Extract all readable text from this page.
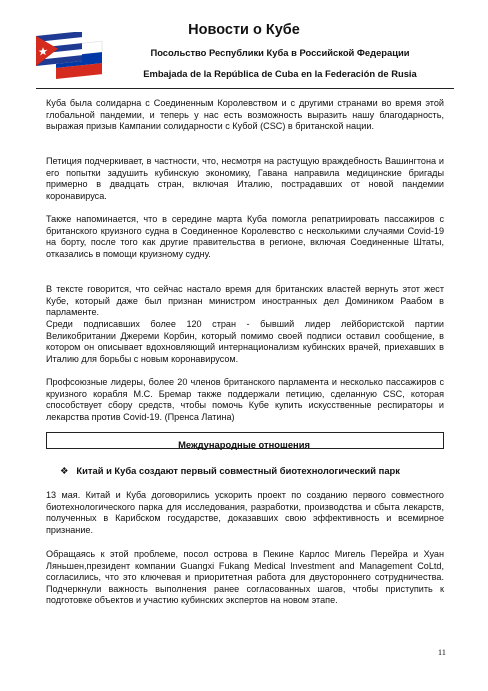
Новости о Кубе
Посольство Республики Куба в Российской Федерации
Embajada de la República de Cuba en la Federación de Rusia

Куба была солидарна с Соединенным Королевством и с другими странами во время этой глобальной пандемии, и теперь у нас есть возможность выразить нашу благодарность, выражая призыв Кампании солидарности с Кубой (CSC) в британской нации.

Петиция подчеркивает, в частности, что, несмотря на растущую враждебность Вашингтона и его попытки задушить кубинскую экономику, Гавана направила медицинские бригады примерно в двадцать стран, включая Италию, пострадавших от новой пандемии коронавируса.

Также напоминается, что в середине марта Куба помогла репатриировать пассажиров с британского круизного судна в Соединенное Королевство с несколькими случаями Covid-19 на борту, после того как другие правительства в регионе, включая Соединенные Штаты, отказались в помощи круизному судну.

В тексте говорится, что сейчас настало время для британских властей вернуть этот жест Кубе, который даже был признан министром иностранных дел Домиником Раабом в парламенте.

Среди подписавших более 120 стран - бывший лидер лейбористской партии Великобритании Джереми Корбин, который помимо своей подписи оставил сообщение, в котором он описывает вдохновляющий интернационализм кубинских врачей, приехавших в Италию для борьбы с новым коронавирусом.

Профсоюзные лидеры, более 20 членов британского парламента и несколько пассажиров с круизного корабля М.С. Бремар также поддержали петицию, сделанную CSC, которая способствует сбору средств, чтобы помочь Кубе купить искусственные респираторы и лекарства против Covid-19. (Пренса Латина)

Международные отношения
❖ Китай и Куба создают первый совместный биотехнологический парк

13 мая. Китай и Куба договорились ускорить проект по созданию первого совместного биотехнологического парка для исследования, разработки, производства и сбыта лекарств, полученных в Карибском государстве, доказавших свою эффективность и всемирное признание.

Обращаясь к этой проблеме, посол острова в Пекине Карлос Мигель Перейра и Хуан Ляньшен,президент компании Guangxi Fukang Medical Investment and Management CoLtd, согласились, что это ключевая и приоритетная работа для двустороннего сотрудничества. Подчеркнули важность выполнения ранее согласованных шагов, чтобы приступить к подготовке объектов и участию кубинских экспертов на новом этапе.

11
